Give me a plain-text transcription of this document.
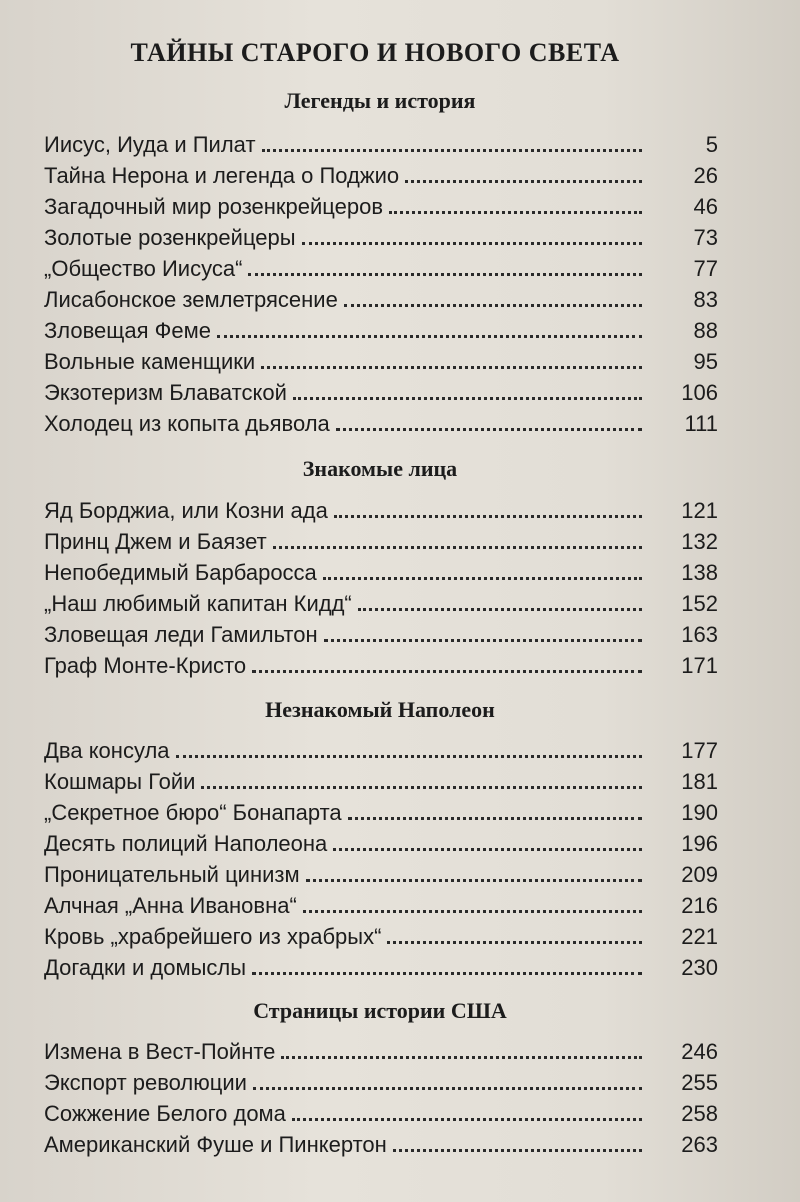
ТАЙНЫ СТАРОГО И НОВОГО СВЕТА
Легенды и история
Иисус, Иуда и Пилат	5
Тайна Нерона и легенда о Поджио	26
Загадочный мир розенкрейцеров	46
Золотые розенкрейцеры	73
„Общество Иисуса“	77
Лисабонское землетрясение	83
Зловещая Феме	88
Вольные каменщики	95
Экзотеризм Блаватской	106
Холодец из копыта дьявола	111
Знакомые лица
Яд Борджиа, или Козни ада	121
Принц Джем и Баязет	132
Непобедимый Барбаросса	138
„Наш любимый капитан Кидд“	152
Зловещая леди Гамильтон	163
Граф Монте-Кристо	171
Незнакомый Наполеон
Два консула	177
Кошмары Гойи	181
„Секретное бюро“ Бонапарта	190
Десять полиций Наполеона	196
Проницательный цинизм	209
Алчная „Анна Ивановна“	216
Кровь „храбрейшего из храбрых“	221
Догадки и домыслы	230
Страницы истории США
Измена в Вест-Пойнте	246
Экспорт революции	255
Сожжение Белого дома	258
Американский Фуше и Пинкертон	263
